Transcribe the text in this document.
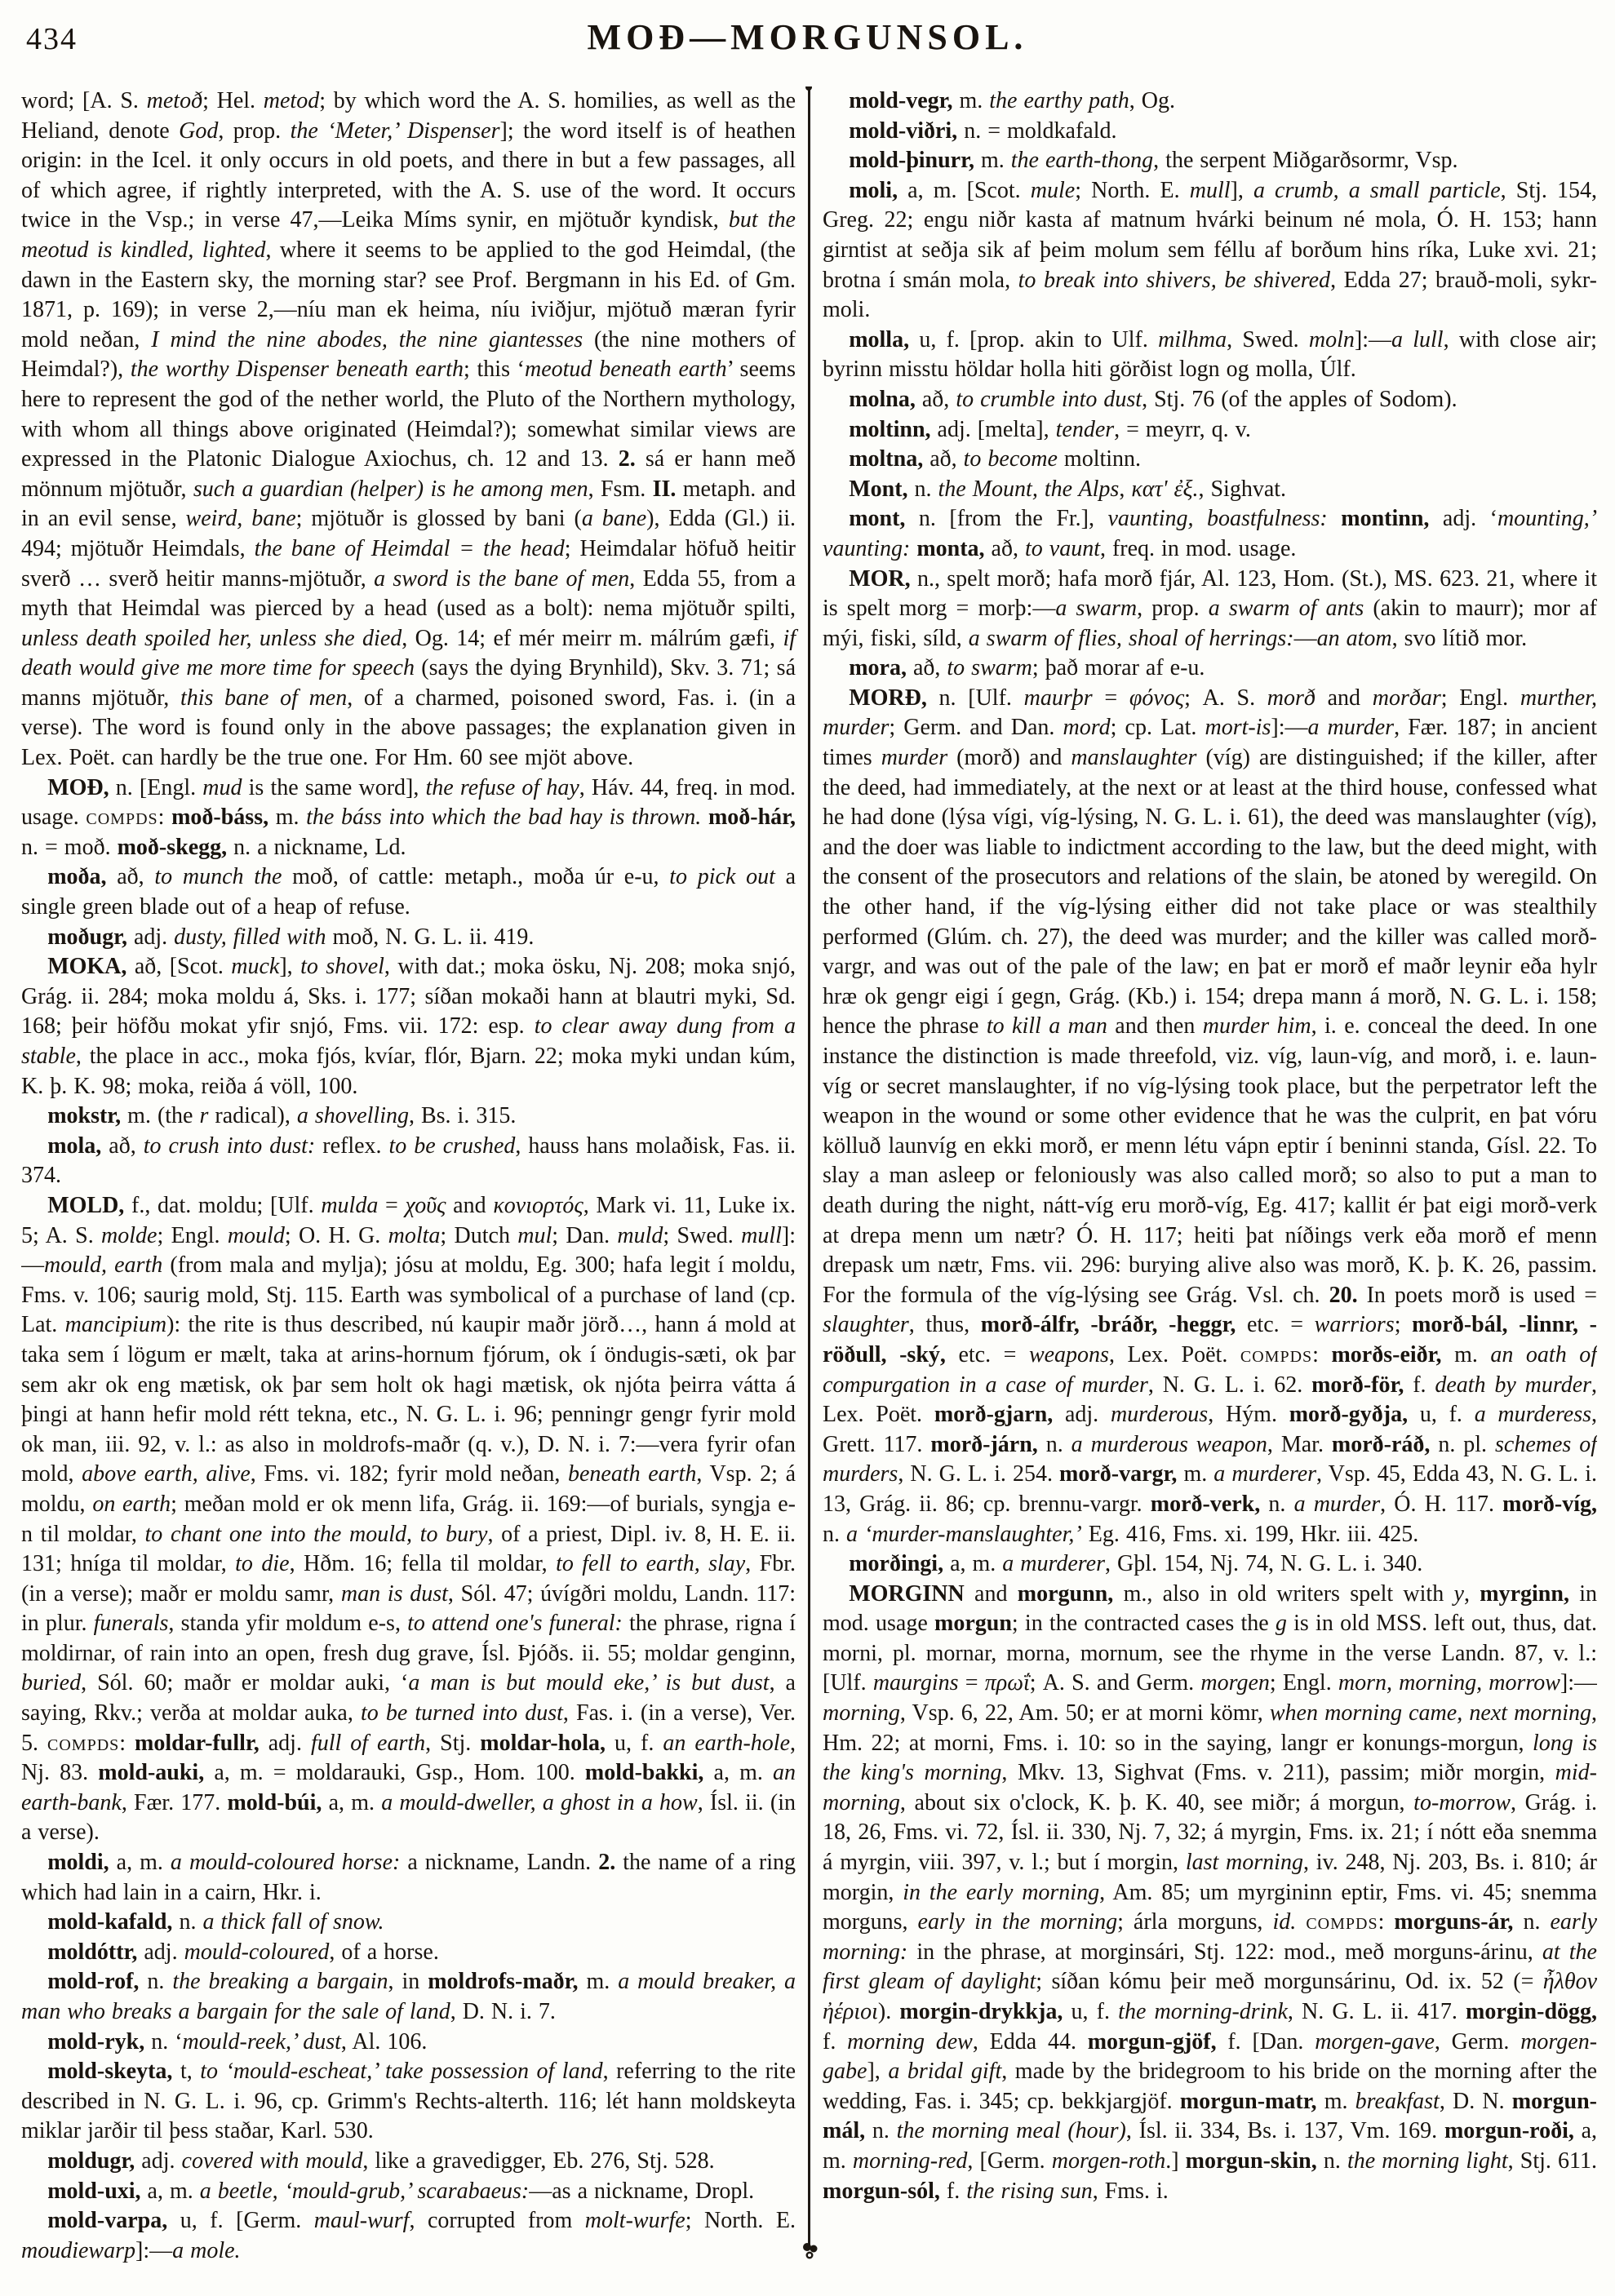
434	MOÐ—MORGUNSOL.

word; [A. S. metoð; Hel. metod; by which word the A. S. homilies, as well as the Heliand, denote God, prop. the ‘Meter,’ Dispenser]; the word itself is of heathen origin: in the Icel. it only occurs in old poets, and there in but a few passages, all of which agree, if rightly interpreted, with the A. S. use of the word. It occurs twice in the Vsp.; in verse 47,—Leika Míms synir, en mjötuðr kyndisk, but the meotud is kindled, lighted, where it seems to be applied to the god Heimdal, (the dawn in the Eastern sky, the morning star? see Prof. Bergmann in his Ed. of Gm. 1871, p. 169); in verse 2,—níu man ek heima, níu iviðjur, mjötuð mæran fyrir mold neðan, I mind the nine abodes, the nine giantesses (the nine mothers of Heimdal?), the worthy Dispenser beneath earth; this ‘meotud beneath earth’ seems here to represent the god of the nether world, the Pluto of the Northern mythology, with whom all things above originated (Heimdal?); somewhat similar views are expressed in the Platonic Dialogue Axiochus, ch. 12 and 13. 2. sá er hann með mönnum mjötuðr, such a guardian (helper) is he among men, Fsm. II. metaph. and in an evil sense, weird, bane; mjötuðr is glossed by bani (a bane), Edda (Gl.) ii. 494; mjötuðr Heimdals, the bane of Heimdal = the head; Heimdalar höfuð heitir sverð … sverð heitir manns-mjötuðr, a sword is the bane of men, Edda 55, from a myth that Heimdal was pierced by a head (used as a bolt): nema mjötuðr spilti, unless death spoiled her, unless she died, Og. 14; ef mér meirr m. málrúm gæfi, if death would give me more time for speech (says the dying Brynhild), Skv. 3. 71; sá manns mjötuðr, this bane of men, of a charmed, poisoned sword, Fas. i. (in a verse). The word is found only in the above passages; the explanation given in Lex. Poët. can hardly be the true one. For Hm. 60 see mjöt above.

MOÐ, n. [Engl. mud is the same word], the refuse of hay, Háv. 44, freq. in mod. usage. compds: moð-báss, m. the báss into which the bad hay is thrown. moð-hár, n. = moð. moð-skegg, n. a nickname, Ld.

moða, að, to munch the moð, of cattle: metaph., moða úr e-u, to pick out a single green blade out of a heap of refuse.

moðugr, adj. dusty, filled with moð, N. G. L. ii. 419.

MOKA, að, [Scot. muck], to shovel, with dat.; moka ösku, Nj. 208; moka snjó, Grág. ii. 284; moka moldu á, Sks. i. 177; síðan mokaði hann at blautri myki, Sd. 168; þeir höfðu mokat yfir snjó, Fms. vii. 172: esp. to clear away dung from a stable, the place in acc., moka fjós, kvíar, flór, Bjarn. 22; moka myki undan kúm, K. þ. K. 98; moka, reiða á völl, 100.

mokstr, m. (the r radical), a shovelling, Bs. i. 315.

mola, að, to crush into dust: reflex. to be crushed, hauss hans molaðisk, Fas. ii. 374.

MOLD, f., dat. moldu; [Ulf. mulda = χοῦς and κονιορτός, Mark vi. 11, Luke ix. 5; A. S. molde; Engl. mould; O. H. G. molta; Dutch mul; Dan. muld; Swed. mull]:—mould, earth (from mala and mylja); jósu at moldu, Eg. 300; hafa legit í moldu, Fms. v. 106; saurig mold, Stj. 115. Earth was symbolical of a purchase of land (cp. Lat. mancipium): the rite is thus described, nú kaupir maðr jörð…, hann á mold at taka sem í lögum er mælt, taka at arins-hornum fjórum, ok í öndugis-sæti, ok þar sem akr ok eng mætisk, ok þar sem holt ok hagi mætisk, ok njóta þeirra vátta á þingi at hann hefir mold rétt tekna, etc., N. G. L. i. 96; penningr gengr fyrir mold ok man, iii. 92, v. l.: as also in moldrofs-maðr (q. v.), D. N. i. 7:—vera fyrir ofan mold, above earth, alive, Fms. vi. 182; fyrir mold neðan, beneath earth, Vsp. 2; á moldu, on earth; meðan mold er ok menn lifa, Grág. ii. 169:—of burials, syngja e-n til moldar, to chant one into the mould, to bury, of a priest, Dipl. iv. 8, H. E. ii. 131; hníga til moldar, to die, Hðm. 16; fella til moldar, to fell to earth, slay, Fbr. (in a verse); maðr er moldu samr, man is dust, Sól. 47; úvígðri moldu, Landn. 117: in plur. funerals, standa yfir moldum e-s, to attend one's funeral: the phrase, rigna í moldirnar, of rain into an open, fresh dug grave, Ísl. Þjóðs. ii. 55; moldar genginn, buried, Sól. 60; maðr er moldar auki, ‘a man is but mould eke,’ is but dust, a saying, Rkv.; verða at moldar auka, to be turned into dust, Fas. i. (in a verse), Ver. 5. compds: moldar-fullr, adj. full of earth, Stj. moldar-hola, u, f. an earth-hole, Nj. 83. mold-auki, a, m. = moldarauki, Gsp., Hom. 100. mold-bakki, a, m. an earth-bank, Fær. 177. mold-búi, a, m. a mould-dweller, a ghost in a how, Ísl. ii. (in a verse).

moldi, a, m. a mould-coloured horse: a nickname, Landn. 2. the name of a ring which had lain in a cairn, Hkr. i.

mold-kafald, n. a thick fall of snow.

moldóttr, adj. mould-coloured, of a horse.

mold-rof, n. the breaking a bargain, in moldrofs-maðr, m. a mould breaker, a man who breaks a bargain for the sale of land, D. N. i. 7.

mold-ryk, n. ‘mould-reek,’ dust, Al. 106.

mold-skeyta, t, to ‘mould-escheat,’ take possession of land, referring to the rite described in N. G. L. i. 96, cp. Grimm's Rechts-alterth. 116; lét hann moldskeyta miklar jarðir til þess staðar, Karl. 530.

moldugr, adj. covered with mould, like a gravedigger, Eb. 276, Stj. 528.

mold-uxi, a, m. a beetle, ‘mould-grub,’ scarabaeus:—as a nickname, Dropl.

mold-varpa, u, f. [Germ. maul-wurf, corrupted from molt-wurfe; North. E. moudiewarp]:—a mole.

mold-vegr, m. the earthy path, Og.

mold-viðri, n. = moldkafald.

mold-þinurr, m. the earth-thong, the serpent Miðgarðsormr, Vsp.

moli, a, m. [Scot. mule; North. E. mull], a crumb, a small particle, Stj. 154, Greg. 22; engu niðr kasta af matnum hvárki beinum né mola, Ó. H. 153; hann girntist at seðja sik af þeim molum sem féllu af borðum hins ríka, Luke xvi. 21; brotna í smán mola, to break into shivers, be shivered, Edda 27; brauð-moli, sykr-moli.

molla, u, f. [prop. akin to Ulf. milhma, Swed. moln]:—a lull, with close air; byrinn misstu höldar holla hiti görðist logn og molla, Úlf.

molna, að, to crumble into dust, Stj. 76 (of the apples of Sodom).

moltinn, adj. [melta], tender, = meyrr, q. v.

moltna, að, to become moltinn.

Mont, n. the Mount, the Alps, κατ' ἐξ., Sighvat.

mont, n. [from the Fr.], vaunting, boastfulness: montinn, adj. ‘mounting,’ vaunting: monta, að, to vaunt, freq. in mod. usage.

MOR, n., spelt morð; hafa morð fjár, Al. 123, Hom. (St.), MS. 623. 21, where it is spelt morg = morþ:—a swarm, prop. a swarm of ants (akin to maurr); mor af mýi, fiski, síld, a swarm of flies, shoal of herrings:—an atom, svo lítið mor.

mora, að, to swarm; það morar af e-u.

MORÐ, n. [Ulf. maurþr = φόνος; A. S. morð and morðar; Engl. murther, murder; Germ. and Dan. mord; cp. Lat. mort-is]:—a murder, Fær. 187; in ancient times murder (morð) and manslaughter (víg) are distinguished; if the killer, after the deed, had immediately, at the next or at least at the third house, confessed what he had done (lýsa vígi, víg-lýsing, N. G. L. i. 61), the deed was manslaughter (víg), and the doer was liable to indictment according to the law, but the deed might, with the consent of the prosecutors and relations of the slain, be atoned by weregild. On the other hand, if the víg-lýsing either did not take place or was stealthily performed (Glúm. ch. 27), the deed was murder; and the killer was called morð-vargr, and was out of the pale of the law; en þat er morð ef maðr leynir eða hylr hræ ok gengr eigi í gegn, Grág. (Kb.) i. 154; drepa mann á morð, N. G. L. i. 158; hence the phrase to kill a man and then murder him, i. e. conceal the deed. In one instance the distinction is made threefold, viz. víg, laun-víg, and morð, i. e. laun-víg or secret manslaughter, if no víg-lýsing took place, but the perpetrator left the weapon in the wound or some other evidence that he was the culprit, en þat vóru kölluð launvíg en ekki morð, er menn létu vápn eptir í beninni standa, Gísl. 22. To slay a man asleep or feloniously was also called morð; so also to put a man to death during the night, nátt-víg eru morð-víg, Eg. 417; kallit ér þat eigi morð-verk at drepa menn um nætr? Ó. H. 117; heiti þat níðings verk eða morð ef menn drepask um nætr, Fms. vii. 296: burying alive also was morð, K. þ. K. 26, passim. For the formula of the víg-lýsing see Grág. Vsl. ch. 20. In poets morð is used = slaughter, thus, morð-álfr, -bráðr, -heggr, etc. = warriors; morð-bál, -linnr, -röðull, -ský, etc. = weapons, Lex. Poët. compds: morðs-eiðr, m. an oath of compurgation in a case of murder, N. G. L. i. 62. morð-för, f. death by murder, Lex. Poët. morð-gjarn, adj. murderous, Hým. morð-gyðja, u, f. a murderess, Grett. 117. morð-járn, n. a murderous weapon, Mar. morð-ráð, n. pl. schemes of murders, N. G. L. i. 254. morð-vargr, m. a murderer, Vsp. 45, Edda 43, N. G. L. i. 13, Grág. ii. 86; cp. brennu-vargr. morð-verk, n. a murder, Ó. H. 117. morð-víg, n. a ‘murder-manslaughter,’ Eg. 416, Fms. xi. 199, Hkr. iii. 425.

morðingi, a, m. a murderer, Gþl. 154, Nj. 74, N. G. L. i. 340.

MORGINN and morgunn, m., also in old writers spelt with y, myrginn, in mod. usage morgun; in the contracted cases the g is in old MSS. left out, thus, dat. morni, pl. mornar, morna, mornum, see the rhyme in the verse Landn. 87, v. l.: [Ulf. maurgins = πρωΐ; A. S. and Germ. morgen; Engl. morn, morning, morrow]:—morning, Vsp. 6, 22, Am. 50; er at morni kömr, when morning came, next morning, Hm. 22; at morni, Fms. i. 10: so in the saying, langr er konungs-morgun, long is the king's morning, Mkv. 13, Sighvat (Fms. v. 211), passim; miðr morgin, mid-morning, about six o'clock, K. þ. K. 40, see miðr; á morgun, to-morrow, Grág. i. 18, 26, Fms. vi. 72, Ísl. ii. 330, Nj. 7, 32; á myrgin, Fms. ix. 21; í nótt eða snemma á myrgin, viii. 397, v. l.; but í morgin, last morning, iv. 248, Nj. 203, Bs. i. 810; ár morgin, in the early morning, Am. 85; um myrgininn eptir, Fms. vi. 45; snemma morguns, early in the morning; árla morguns, id. compds: morguns-ár, n. early morning: in the phrase, at morginsári, Stj. 122: mod., með morguns-árinu, at the first gleam of daylight; síðan kómu þeir með morgunsárinu, Od. ix. 52 (= ἦλθον ἠέριοι). morgin-drykkja, u, f. the morning-drink, N. G. L. ii. 417. morgin-dögg, f. morning dew, Edda 44. morgun-gjöf, f. [Dan. morgen-gave, Germ. morgen-gabe], a bridal gift, made by the bridegroom to his bride on the morning after the wedding, Fas. i. 345; cp. bekkjargjöf. morgun-matr, m. breakfast, D. N. morgun-mál, n. the morning meal (hour), Ísl. ii. 334, Bs. i. 137, Vm. 169. morgun-roði, a, m. morning-red, [Germ. morgen-roth.] morgun-skin, n. the morning light, Stj. 611. morgun-sól, f. the rising sun, Fms. i.
